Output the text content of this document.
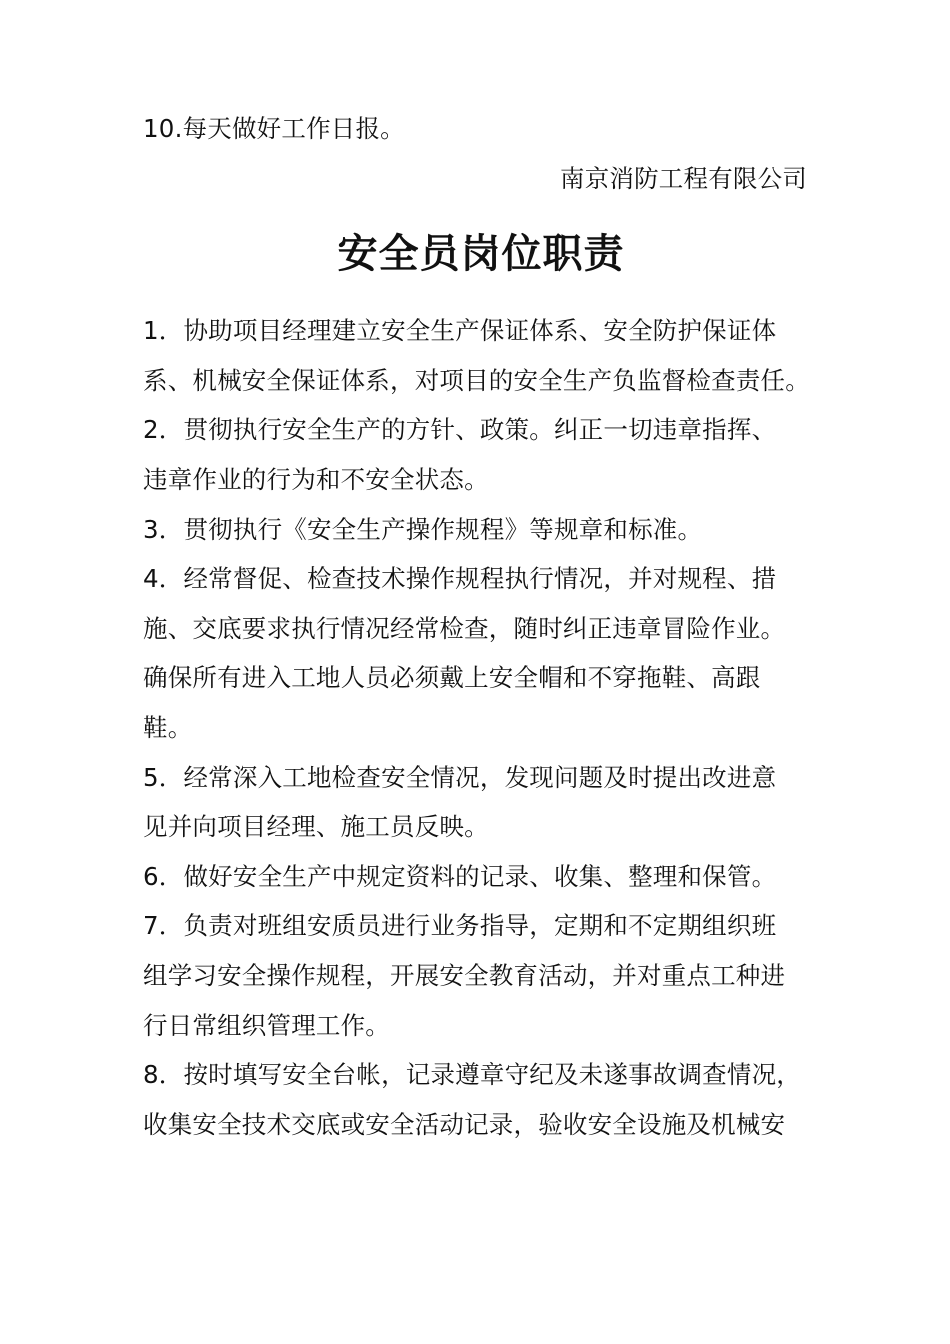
10.每天做好工作日报。
南京消防工程有限公司
安全员岗位职责
1．协助项目经理建立安全生产保证体系、安全防护保证体
系、机械安全保证体系，对项目的安全生产负监督检查责任。
2．贯彻执行安全生产的方针、政策。纠正一切违章指挥、
违章作业的行为和不安全状态。
3．贯彻执行《安全生产操作规程》等规章和标准。
4．经常督促、检查技术操作规程执行情况，并对规程、措
施、交底要求执行情况经常检查，随时纠正违章冒险作业。
确保所有进入工地人员必须戴上安全帽和不穿拖鞋、高跟
鞋。
5．经常深入工地检查安全情况，发现问题及时提出改进意
见并向项目经理、施工员反映。
6．做好安全生产中规定资料的记录、收集、整理和保管。
7．负责对班组安质员进行业务指导，定期和不定期组织班
组学习安全操作规程，开展安全教育活动，并对重点工种进
行日常组织管理工作。
8．按时填写安全台帐，记录遵章守纪及未遂事故调查情况，
收集安全技术交底或安全活动记录，验收安全设施及机械安
